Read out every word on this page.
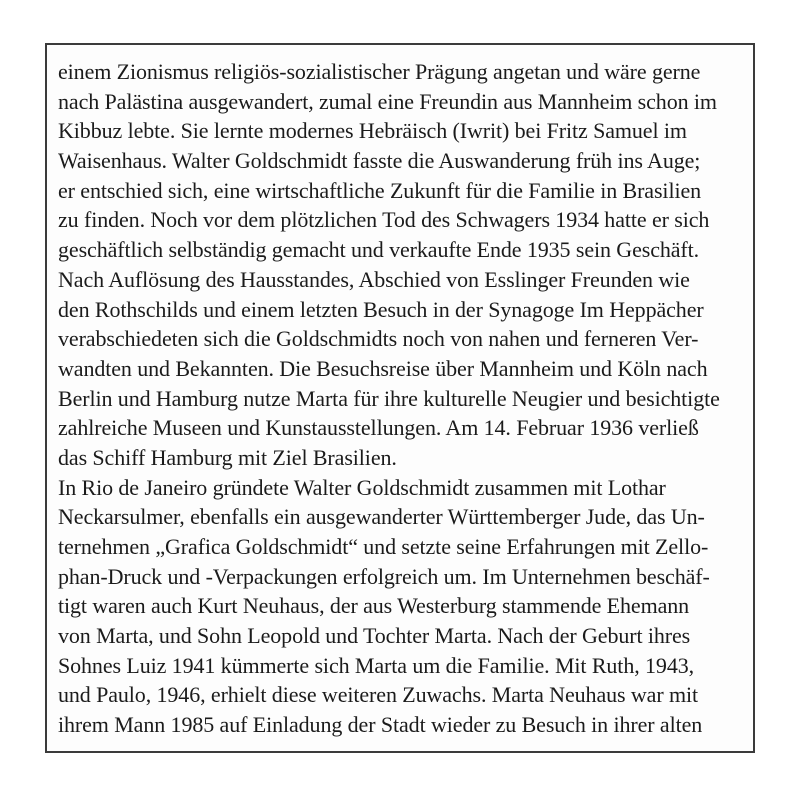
einem Zionismus religiös-sozialistischer Prägung angetan und wäre gerne
nach Palästina ausgewandert, zumal eine Freundin aus Mannheim schon im
Kibbuz lebte. Sie lernte modernes Hebräisch (Iwrit) bei Fritz Samuel im
Waisenhaus. Walter Goldschmidt fasste die Auswanderung früh ins Auge;
er entschied sich, eine wirtschaftliche Zukunft für die Familie in Brasilien
zu finden. Noch vor dem plötzlichen Tod des Schwagers 1934 hatte er sich
geschäftlich selbständig gemacht und verkaufte Ende 1935 sein Geschäft.
Nach Auflösung des Hausstandes, Abschied von Esslinger Freunden wie
den Rothschilds und einem letzten Besuch in der Synagoge Im Heppächer
verabschiedeten sich die Goldschmidts noch von nahen und ferneren Ver-
wandten und Bekannten. Die Besuchsreise über Mannheim und Köln nach
Berlin und Hamburg nutze Marta für ihre kulturelle Neugier und besichtigte
zahlreiche Museen und Kunstausstellungen. Am 14. Februar 1936 verließ
das Schiff Hamburg mit Ziel Brasilien.
In Rio de Janeiro gründete Walter Goldschmidt zusammen mit Lothar
Neckarsulmer, ebenfalls ein ausgewanderter Württemberger Jude, das Un-
ternehmen „Grafica Goldschmidt“ und setzte seine Erfahrungen mit Zello-
phan-Druck und -Verpackungen erfolgreich um. Im Unternehmen beschäf-
tigt waren auch Kurt Neuhaus, der aus Westerburg stammende Ehemann
von Marta, und Sohn Leopold und Tochter Marta. Nach der Geburt ihres
Sohnes Luiz 1941 kümmerte sich Marta um die Familie. Mit Ruth, 1943,
und Paulo, 1946, erhielt diese weiteren Zuwachs. Marta Neuhaus war mit
ihrem Mann 1985 auf Einladung der Stadt wieder zu Besuch in ihrer alten
